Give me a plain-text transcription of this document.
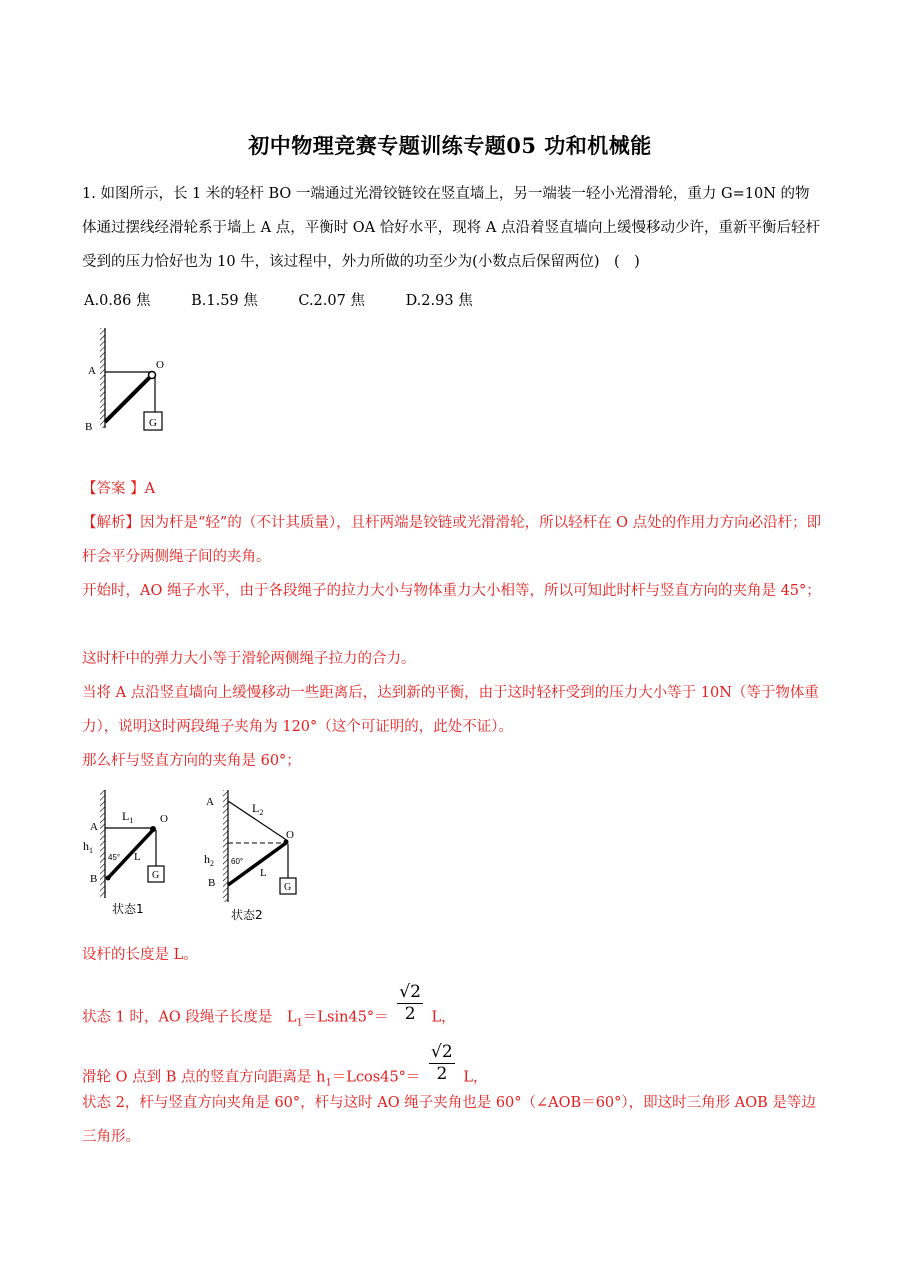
初中物理竞赛专题训练专题05 功和机械能
1. 如图所示，长 1 米的轻杆 BO 一端通过光滑铰链铰在竖直墙上，另一端装一轻小光滑滑轮，重力 G=10N 的物体通过摆线经滑轮系于墙上 A 点，平衡时 OA 恰好水平，现将 A 点沿着竖直墙向上缓慢移动少许，重新平衡后轻杆受到的压力恰好也为 10 牛，该过程中，外力所做的功至少为(小数点后保留两位)　(　)
A.0.86 焦	B.1.59 焦	C.2.07 焦	D.2.93 焦
A	O
B	G
【答案 】A
【解析】因为杆是“轻”的（不计其质量），且杆两端是铰链或光滑滑轮，所以轻杆在 O 点处的作用力方向必沿杆；即杆会平分两侧绳子间的夹角。
开始时，AO 绳子水平，由于各段绳子的拉力大小与物体重力大小相等，所以可知此时杆与竖直方向的夹角是 45°；
这时杆中的弹力大小等于滑轮两侧绳子拉力的合力。
当将 A 点沿竖直墙向上缓慢移动一些距离后，达到新的平衡，由于这时轻杆受到的压力大小等于 10N（等于物体重力），说明这时两段绳子夹角为 120°（这个可证明的，此处不证）。
那么杆与竖直方向的夹角是 60°；
A
B
O
$L_1$
$h_1$
45° L
G
状态1
A
B
O
$L_2$
$h_2$ 60°
L
G
状态2
设杆的长度是 L。
状态 1 时，AO 段绳子长度是　$L_1=Lsin45^\circ= \frac{√2}{2}$ L，
滑轮 O 点到 B 点的竖直方向距离是 $h_1=Lcos45^\circ= \frac{√2}{2}$ L，
状态 2，杆与竖直方向夹角是 60°，杆与这时 AO 绳子夹角也是 60°（∠AOB＝60°），即这时三角形 AOB 是等边三角形。
